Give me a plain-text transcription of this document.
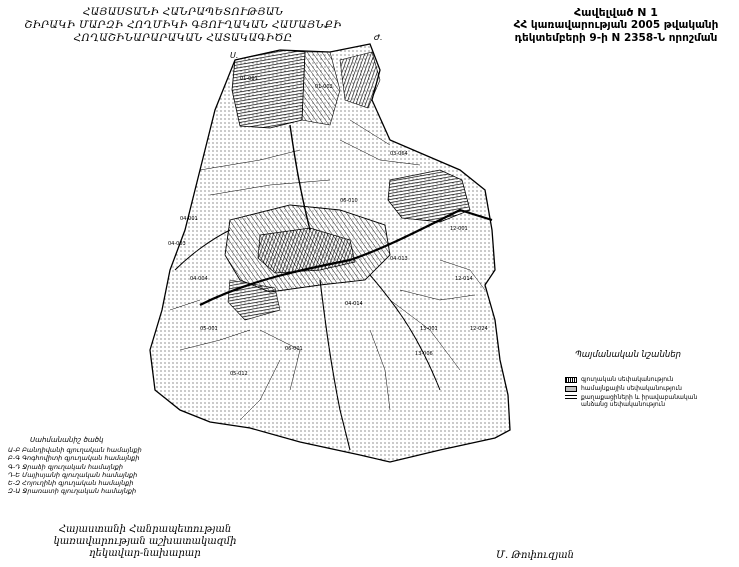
ՀԱՅԱՍՏԱՆԻ ՀԱՆՐԱՊԵՏՈՒԹՅԱՆ
ՇԻՐԱԿԻ ՄԱՐԶԻ ՀՈՂՄԻԿԻ ԳՅՈՒՂԱԿԱՆ ՀԱՄԱՅՆՔԻ
ՀՈՂԱՇԻՆԱՐԱՐԱԿԱՆ ՀԱՏԱԿԱԳԻԾԸ
Հավելված N 1
ՀՀ կառավարության 2005 թվականի
դեկտեմբերի 9-ի N 2358-Ն որոշման
Ս.
Ժ.
01-001
01-002
04-001
04-003
04-004
05-001
06-001
06-010
03-064
12-001
12-014
12-024
13-001
13-006
04-013
04-014
05-012
Պայմանական նշաններ
գյուղական սեփականություն
համայնքային սեփականություն
քաղաքացիների և իրավաբանական
անձանց սեփականություն
Սահմանանիշ ծածկ
Ա-Բ Բանդիվանի գյուղական համայնքի
Բ-Գ Գոգհովիտի գյուղական համայնքի
Գ-Դ Ջրաձի գյուղական համայնքի
Դ-Ե Մայիսյանի գյուղական համայնքի
Ե-Զ Հոյուղինի գյուղական համայնքի
Զ-Ա Ջրառատի գյուղական համայնքի
Հայաստանի Հանրապետության
կառավարության աշխատակազմի
ղեկավար-նախարար	Մ. Թոփուզյան
